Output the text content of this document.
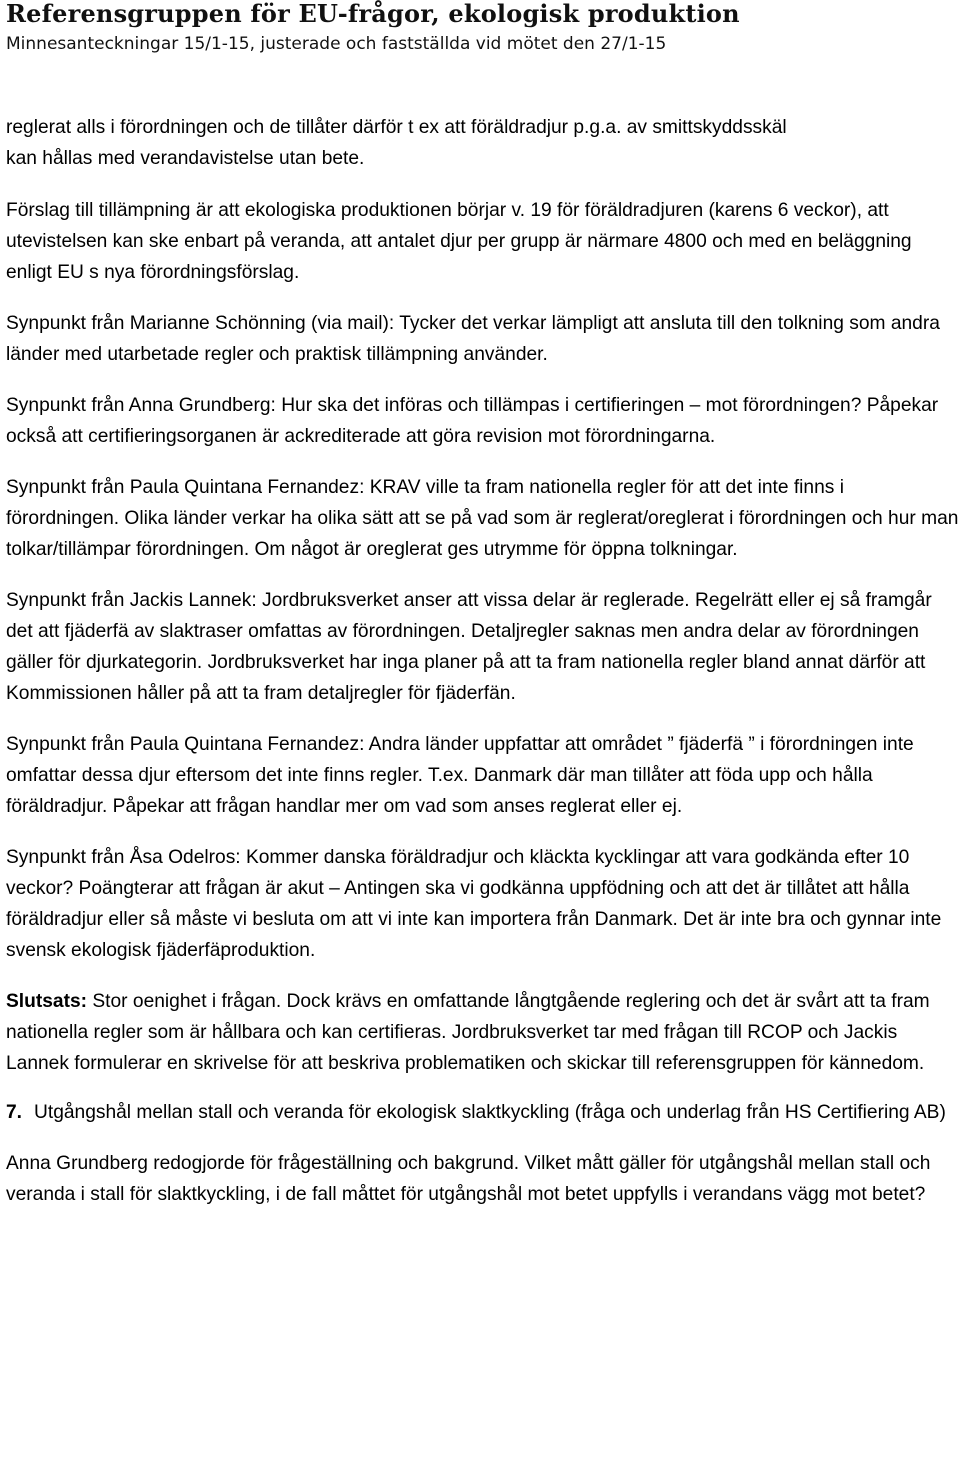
Referensgruppen för EU-frågor, ekologisk produktion
Minnesanteckningar 15/1-15, justerade och fastställda vid mötet den 27/1-15

reglerat alls i förordningen och de tillåter därför t ex att föräldradjur p.g.a. av smittskyddsskäl
kan hållas med verandavistelse utan bete.

Förslag till tillämpning är att ekologiska produktionen börjar v. 19 för föräldradjuren (karens 6 veckor), att utevistelsen kan ske enbart på veranda, att antalet djur per grupp är närmare 4800 och med en beläggning enligt EU s nya förordningsförslag.

Synpunkt från Marianne Schönning (via mail): Tycker det verkar lämpligt att ansluta till den tolkning som andra länder med utarbetade regler och praktisk tillämpning använder.

Synpunkt från Anna Grundberg: Hur ska det införas och tillämpas i certifieringen – mot förordningen? Påpekar också att certifieringsorganen är ackrediterade att göra revision mot förordningarna.

Synpunkt från Paula Quintana Fernandez: KRAV ville ta fram nationella regler för att det inte finns i förordningen. Olika länder verkar ha olika sätt att se på vad som är reglerat/oreglerat i förordningen och hur man tolkar/tillämpar förordningen. Om något är oreglerat ges utrymme för öppna tolkningar.

Synpunkt från Jackis Lannek: Jordbruksverket anser att vissa delar är reglerade. Regelrätt eller ej så framgår det att fjäderfä av slaktraser omfattas av förordningen. Detaljregler saknas men andra delar av förordningen gäller för djurkategorin. Jordbruksverket har inga planer på att ta fram nationella regler bland annat därför att Kommissionen håller på att ta fram detaljregler för fjäderfän.

Synpunkt från Paula Quintana Fernandez: Andra länder uppfattar att området ” fjäderfä ” i förordningen inte omfattar dessa djur eftersom det inte finns regler. T.ex. Danmark där man tillåter att föda upp och hålla föräldradjur. Påpekar att frågan handlar mer om vad som anses reglerat eller ej.

Synpunkt från Åsa Odelros: Kommer danska föräldradjur och kläckta kycklingar att vara godkända efter 10 veckor? Poängterar att frågan är akut – Antingen ska vi godkänna uppfödning och att det är tillåtet att hålla föräldradjur eller så måste vi besluta om att vi inte kan importera från Danmark. Det är inte bra och gynnar inte svensk ekologisk fjäderfäproduktion.

Slutsats: Stor oenighet i frågan. Dock krävs en omfattande långtgående reglering och det är svårt att ta fram nationella regler som är hållbara och kan certifieras. Jordbruksverket tar med frågan till RCOP och Jackis Lannek formulerar en skrivelse för att beskriva problematiken och skickar till referensgruppen för kännedom.

7. Utgångshål mellan stall och veranda för ekologisk slaktkyckling (fråga och underlag från HS Certifiering AB)

Anna Grundberg redogjorde för frågeställning och bakgrund. Vilket mått gäller för utgångshål mellan stall och veranda i stall för slaktkyckling, i de fall måttet för utgångshål mot betet uppfylls i verandans vägg mot betet?
